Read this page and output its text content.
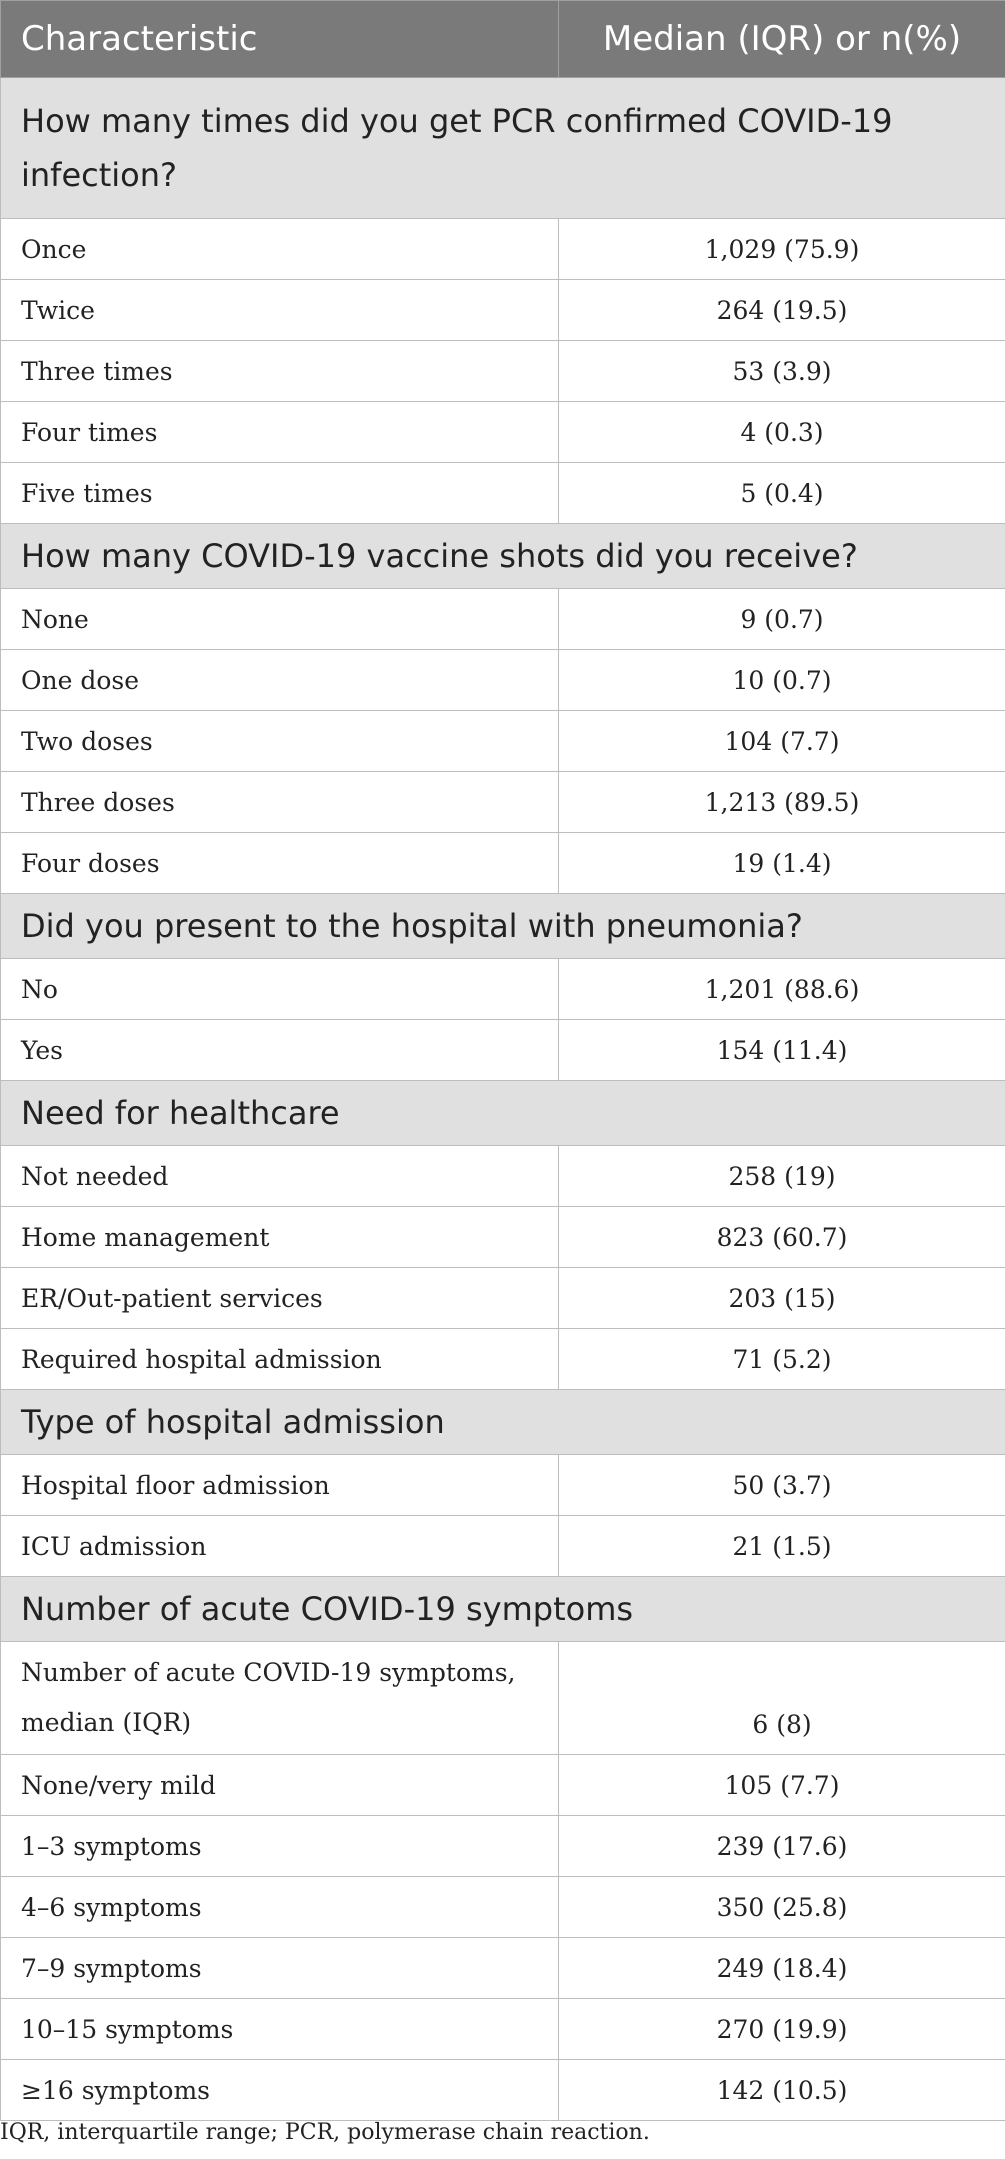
Characteristic	Median (IQR) or n(%)
How many times did you get PCR confirmed COVID-19 infection?	
Once	1,029 (75.9)
Twice	264 (19.5)
Three times	53 (3.9)
Four times	4 (0.3)
Five times	5 (0.4)
How many COVID-19 vaccine shots did you receive?	
None	9 (0.7)
One dose	10 (0.7)
Two doses	104 (7.7)
Three doses	1,213 (89.5)
Four doses	19 (1.4)
Did you present to the hospital with pneumonia?	
No	1,201 (88.6)
Yes	154 (11.4)
Need for healthcare	
Not needed	258 (19)
Home management	823 (60.7)
ER/Out-patient services	203 (15)
Required hospital admission	71 (5.2)
Type of hospital admission	
Hospital floor admission	50 (3.7)
ICU admission	21 (1.5)
Number of acute COVID-19 symptoms	
Number of acute COVID-19 symptoms, median (IQR)	6 (8)
None/very mild	105 (7.7)
1–3 symptoms	239 (17.6)
4–6 symptoms	350 (25.8)
7–9 symptoms	249 (18.4)
10–15 symptoms	270 (19.9)
≥16 symptoms	142 (10.5)
IQR, interquartile range; PCR, polymerase chain reaction.
